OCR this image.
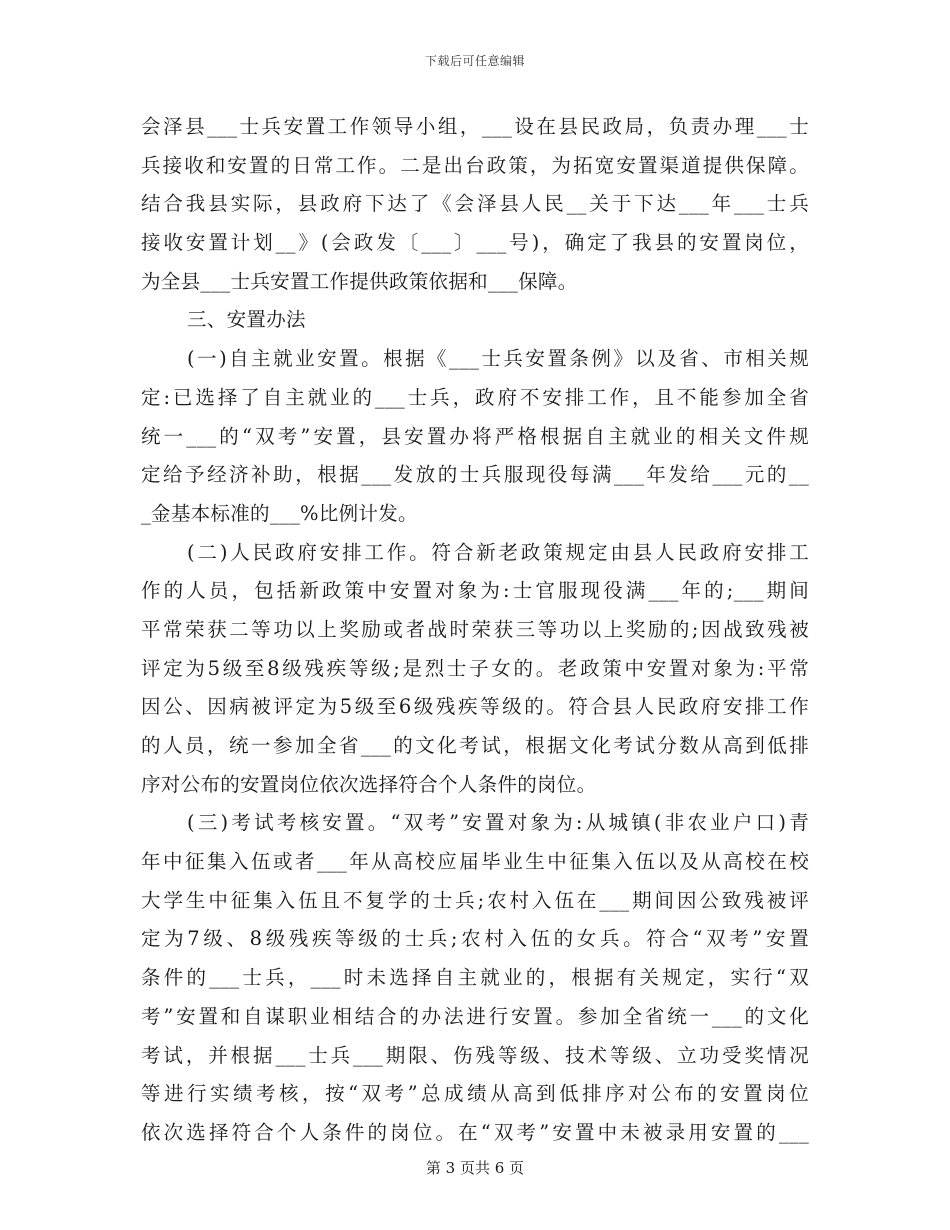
下载后可任意编辑
会泽县___士兵安置工作领导小组，___设在县民政局，负责办理___士
兵接收和安置的日常工作。二是出台政策，为拓宽安置渠道提供保障。
结合我县实际，县政府下达了《会泽县人民__关于下达___年___士兵
接收安置计划__》(会政发〔___〕___号)，确定了我县的安置岗位，
为全县___士兵安置工作提供政策依据和___保障。
三、安置办法
(一)自主就业安置。根据《___士兵安置条例》以及省、市相关规
定:已选择了自主就业的___士兵，政府不安排工作，且不能参加全省
统一___的“双考”安置，县安置办将严格根据自主就业的相关文件规
定给予经济补助，根据___发放的士兵服现役每满___年发给___元的__
_金基本标准的___%比例计发。
(二)人民政府安排工作。符合新老政策规定由县人民政府安排工
作的人员，包括新政策中安置对象为:士官服现役满___年的;___期间
平常荣获二等功以上奖励或者战时荣获三等功以上奖励的;因战致残被
评定为5级至8级残疾等级;是烈士子女的。老政策中安置对象为:平常
因公、因病被评定为5级至6级残疾等级的。符合县人民政府安排工作
的人员，统一参加全省___的文化考试，根据文化考试分数从高到低排
序对公布的安置岗位依次选择符合个人条件的岗位。
(三)考试考核安置。“双考”安置对象为:从城镇(非农业户口)青
年中征集入伍或者___年从高校应届毕业生中征集入伍以及从高校在校
大学生中征集入伍且不复学的士兵;农村入伍在___期间因公致残被评
定为7级、8级残疾等级的士兵;农村入伍的女兵。符合“双考”安置
条件的___士兵，___时未选择自主就业的，根据有关规定，实行“双
考”安置和自谋职业相结合的办法进行安置。参加全省统一___的文化
考试，并根据___士兵___期限、伤残等级、技术等级、立功受奖情况
等进行实绩考核，按“双考”总成绩从高到低排序对公布的安置岗位
依次选择符合个人条件的岗位。在“双考”安置中未被录用安置的___
第 3 页共 6 页
